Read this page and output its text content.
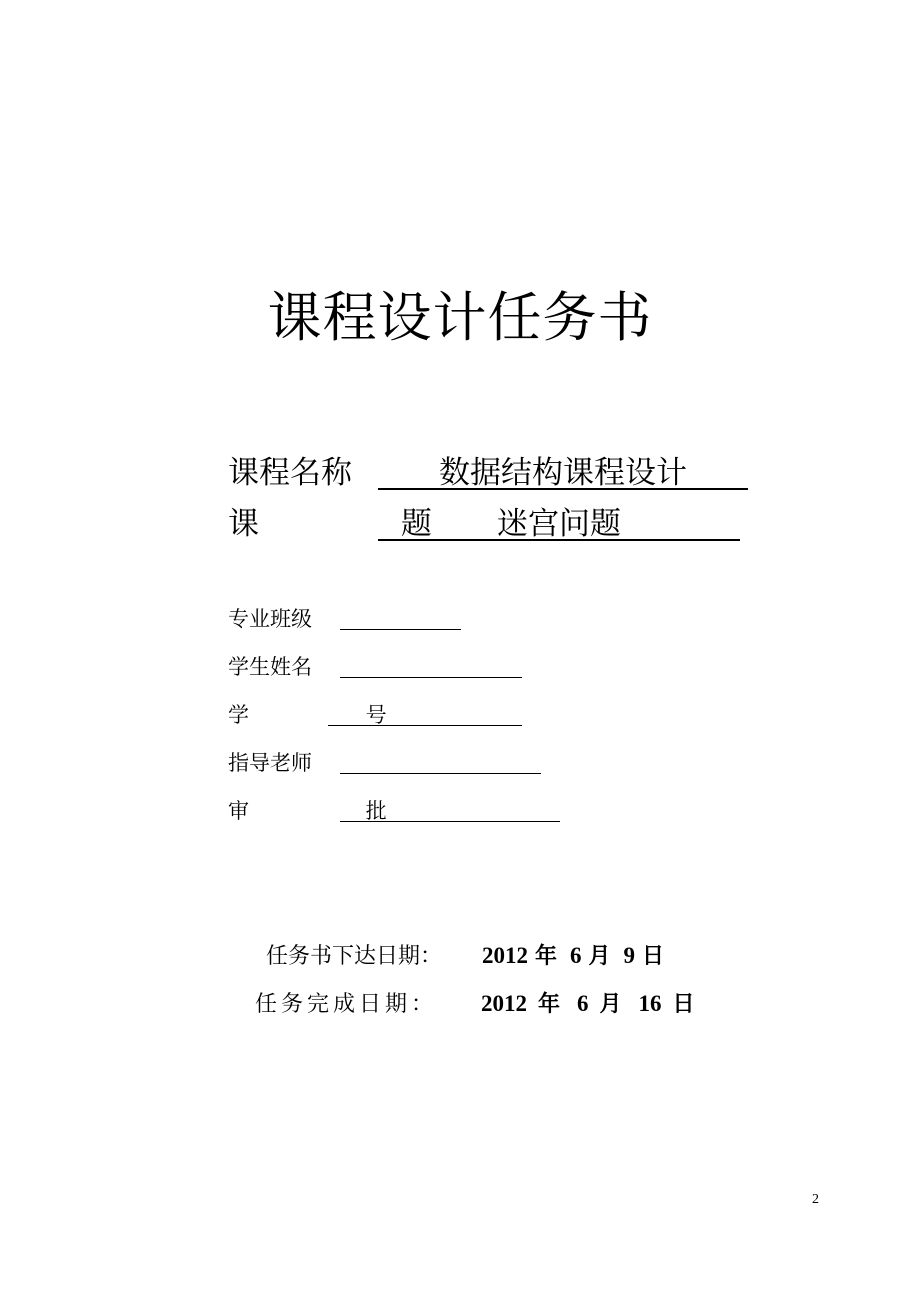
课程设计任务书
课程名称	数据结构课程设计
课 题 迷宫问题
专业班级
学生姓名
学 号
指导老师
审 批
任务书下达日期： 2012 年 6 月 9 日
任务完成日期： 2012 年 6 月 16 日
2
